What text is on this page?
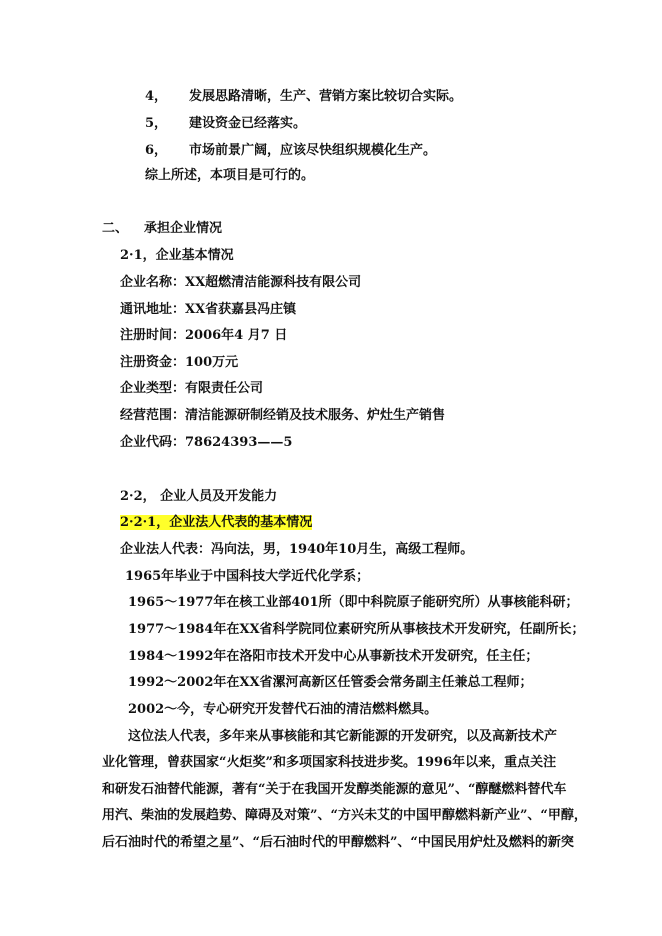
4， 发展思路清晰，生产、营销方案比较切合实际。
5， 建设资金已经落实。
6， 市场前景广阔，应该尽快组织规模化生产。
综上所述，本项目是可行的。
二、 承担企业情况
2·1，企业基本情况
企业名称：XX超燃清洁能源科技有限公司
通讯地址：XX省获嘉县冯庄镇
注册时间：2006年4 月7 日
注册资金：100万元
企业类型：有限责任公司
经营范围：清洁能源研制经销及技术服务、炉灶生产销售
企业代码：78624393——5
2·2， 企业人员及开发能力
2·2·1，企业法人代表的基本情况
企业法人代表：冯向法，男，1940年10月生，高级工程师。
1965年毕业于中国科技大学近代化学系；
1965～1977年在核工业部401所（即中科院原子能研究所）从事核能科研；
1977～1984年在XX省科学院同位素研究所从事核技术开发研究，任副所长；
1984～1992年在洛阳市技术开发中心从事新技术开发研究，任主任；
1992～2002年在XX省漯河高新区任管委会常务副主任兼总工程师；
2002～今，专心研究开发替代石油的清洁燃料燃具。
这位法人代表，多年来从事核能和其它新能源的开发研究，以及高新技术产
业化管理，曾获国家“火炬奖”和多项国家科技进步奖。1996年以来，重点关注
和研发石油替代能源，著有“关于在我国开发醇类能源的意见”、“醇醚燃料替代车
用汽、柴油的发展趋势、障碍及对策”、“方兴未艾的中国甲醇燃料新产业”、“甲醇，
后石油时代的希望之星”、“后石油时代的甲醇燃料”、“中国民用炉灶及燃料的新突
